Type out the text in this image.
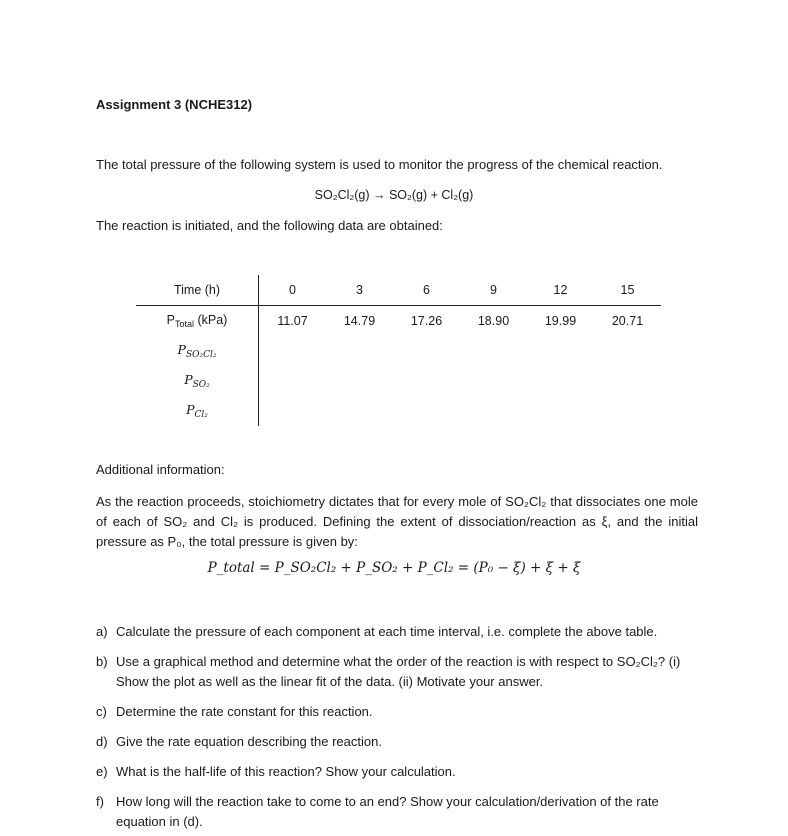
Assignment 3 (NCHE312)
The total pressure of the following system is used to monitor the progress of the chemical reaction.
SO₂Cl₂(g) → SO₂(g) + Cl₂(g)
The reaction is initiated, and the following data are obtained:
Time (h)	0	3	6	9	12	15
$P_{Total}$ (kPa)	11.07	14.79	17.26	18.90	19.99	20.71
$P_{SO_2Cl_2}$						
$P_{SO_2}$						
$P_{Cl_2}$						
Additional information:
As the reaction proceeds, stoichiometry dictates that for every mole of SO₂Cl₂ that dissociates one mole of each of SO₂ and Cl₂ is produced. Defining the extent of dissociation/reaction as ξ, and the initial pressure as P₀, the total pressure is given by:
P_total = P_SO₂Cl₂ + P_SO₂ + P_Cl₂ = (P₀ − ξ) + ξ + ξ
a) Calculate the pressure of each component at each time interval, i.e. complete the above table.
b) Use a graphical method and determine what the order of the reaction is with respect to SO₂Cl₂? (i) Show the plot as well as the linear fit of the data. (ii) Motivate your answer.
c) Determine the rate constant for this reaction.
d) Give the rate equation describing the reaction.
e) What is the half-life of this reaction? Show your calculation.
f) How long will the reaction take to come to an end? Show your calculation/derivation of the rate equation in (d).
